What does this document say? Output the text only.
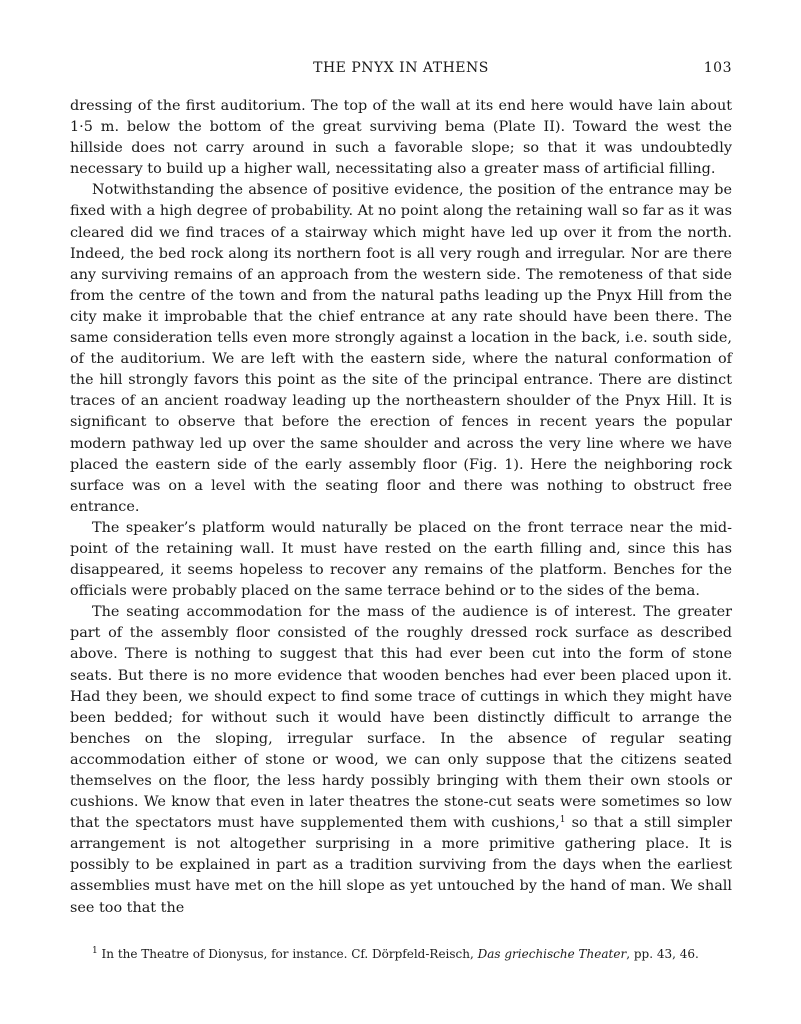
THE PNYX IN ATHENS	103

dressing of the first auditorium. The top of the wall at its end here would have lain about 1·5 m. below the bottom of the great surviving bema (Plate II). Toward the west the hillside does not carry around in such a favorable slope; so that it was undoubtedly necessary to build up a higher wall, necessitating also a greater mass of artificial filling.

Notwithstanding the absence of positive evidence, the position of the entrance may be fixed with a high degree of probability. At no point along the retaining wall so far as it was cleared did we find traces of a stairway which might have led up over it from the north. Indeed, the bed rock along its northern foot is all very rough and irregular. Nor are there any surviving remains of an approach from the western side. The remoteness of that side from the centre of the town and from the natural paths leading up the Pnyx Hill from the city make it improbable that the chief entrance at any rate should have been there. The same consideration tells even more strongly against a location in the back, i.e. south side, of the auditorium. We are left with the eastern side, where the natural conformation of the hill strongly favors this point as the site of the principal entrance. There are distinct traces of an ancient roadway leading up the northeastern shoulder of the Pnyx Hill. It is significant to observe that before the erection of fences in recent years the popular modern pathway led up over the same shoulder and across the very line where we have placed the eastern side of the early assembly floor (Fig. 1). Here the neighboring rock surface was on a level with the seating floor and there was nothing to obstruct free entrance.

The speaker’s platform would naturally be placed on the front terrace near the mid-point of the retaining wall. It must have rested on the earth filling and, since this has disappeared, it seems hopeless to recover any remains of the platform. Benches for the officials were probably placed on the same terrace behind or to the sides of the bema.

The seating accommodation for the mass of the audience is of interest. The greater part of the assembly floor consisted of the roughly dressed rock surface as described above. There is nothing to suggest that this had ever been cut into the form of stone seats. But there is no more evidence that wooden benches had ever been placed upon it. Had they been, we should expect to find some trace of cuttings in which they might have been bedded; for without such it would have been distinctly difficult to arrange the benches on the sloping, irregular surface. In the absence of regular seating accommodation either of stone or wood, we can only suppose that the citizens seated themselves on the floor, the less hardy possibly bringing with them their own stools or cushions. We know that even in later theatres the stone-cut seats were sometimes so low that the spectators must have supplemented them with cushions,$^1$ so that a still simpler arrangement is not altogether surprising in a more primitive gathering place. It is possibly to be explained in part as a tradition surviving from the days when the earliest assemblies must have met on the hill slope as yet untouched by the hand of man. We shall see too that the

$^1$ In the Theatre of Dionysus, for instance. Cf. Dörpfeld-Reisch, Das griechische Theater, pp. 43, 46.
